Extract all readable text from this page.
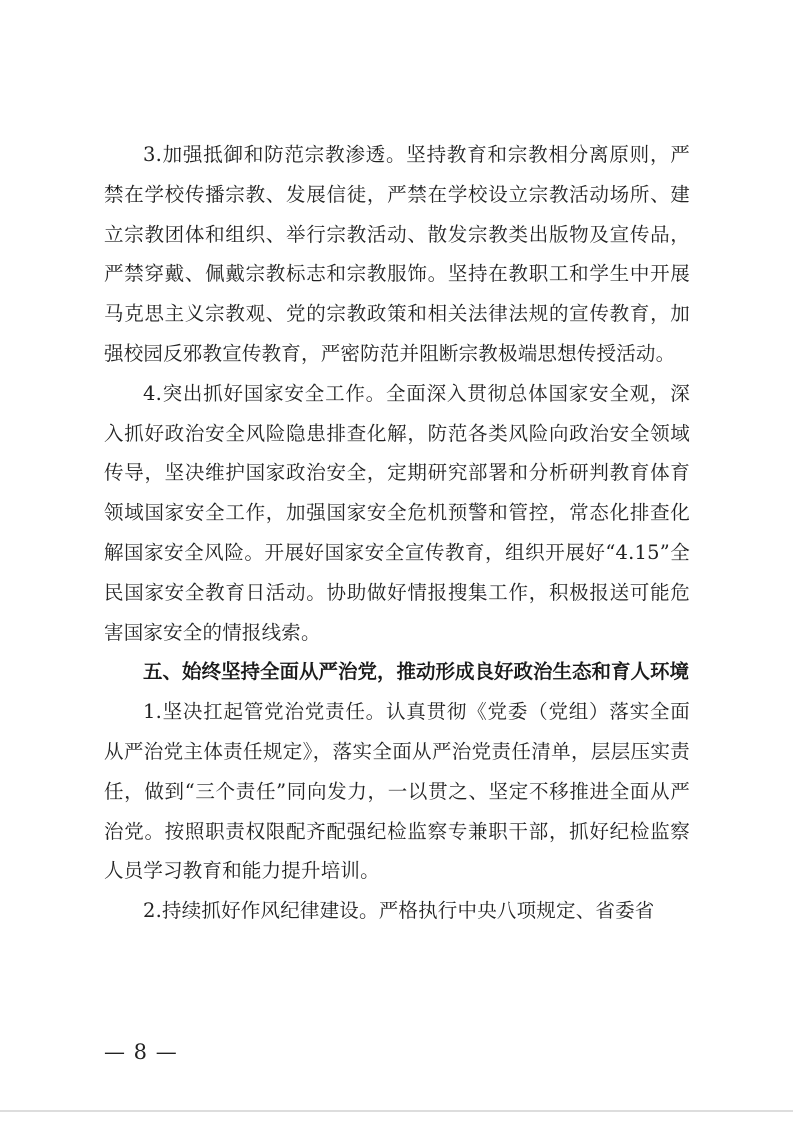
3.加强抵御和防范宗教渗透。坚持教育和宗教相分离原则，严禁在学校传播宗教、发展信徒，严禁在学校设立宗教活动场所、建立宗教团体和组织、举行宗教活动、散发宗教类出版物及宣传品，严禁穿戴、佩戴宗教标志和宗教服饰。坚持在教职工和学生中开展马克思主义宗教观、党的宗教政策和相关法律法规的宣传教育，加强校园反邪教宣传教育，严密防范并阻断宗教极端思想传授活动。

4.突出抓好国家安全工作。全面深入贯彻总体国家安全观，深入抓好政治安全风险隐患排查化解，防范各类风险向政治安全领域传导，坚决维护国家政治安全，定期研究部署和分析研判教育体育领域国家安全工作，加强国家安全危机预警和管控，常态化排查化解国家安全风险。开展好国家安全宣传教育，组织开展好“4.15”全民国家安全教育日活动。协助做好情报搜集工作，积极报送可能危害国家安全的情报线索。

五、始终坚持全面从严治党，推动形成良好政治生态和育人环境

1.坚决扛起管党治党责任。认真贯彻《党委（党组）落实全面从严治党主体责任规定》，落实全面从严治党责任清单，层层压实责任，做到“三个责任”同向发力，一以贯之、坚定不移推进全面从严治党。按照职责权限配齐配强纪检监察专兼职干部，抓好纪检监察人员学习教育和能力提升培训。

2.持续抓好作风纪律建设。严格执行中央八项规定、省委省

— 8 —
